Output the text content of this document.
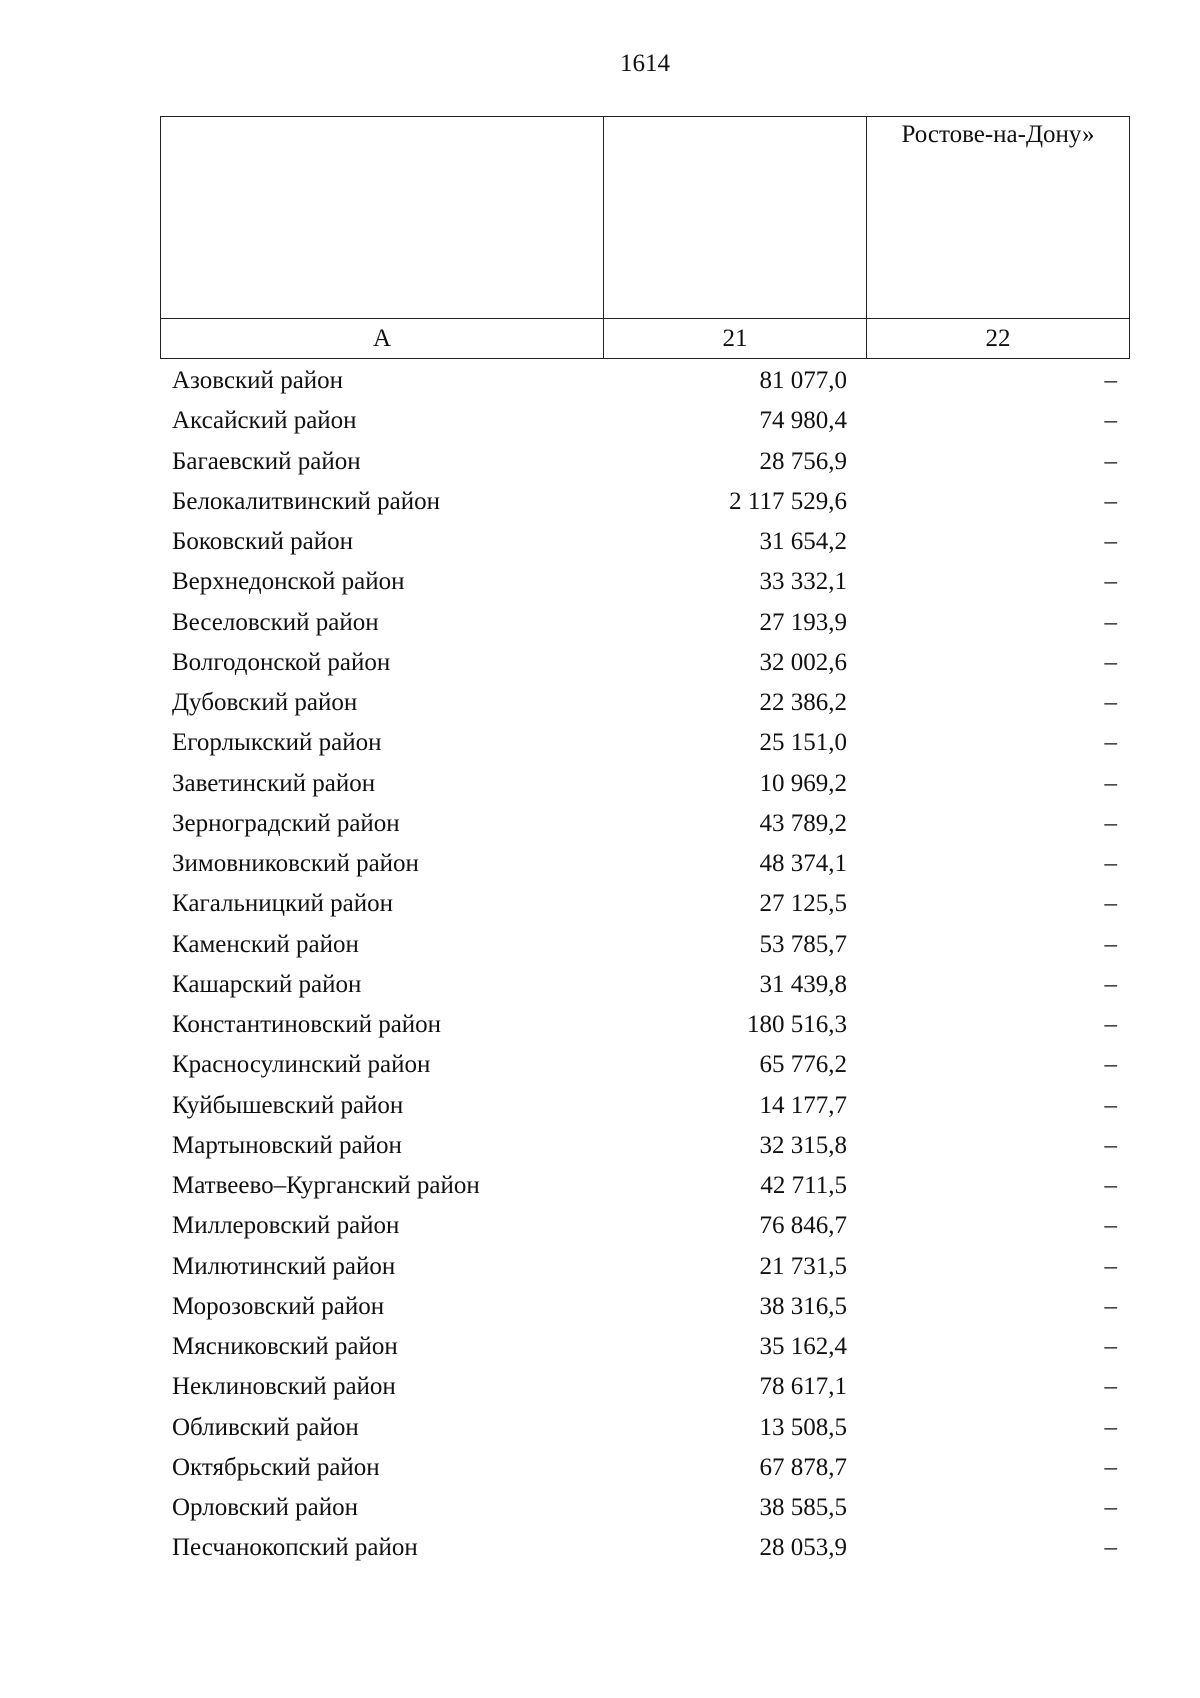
1614

		Ростове-на-Дону»

А	21	22
Азовский район	81 077,0	–
Аксайский район	74 980,4	–
Багаевский район	28 756,9	–
Белокалитвинский район	2 117 529,6	–
Боковский район	31 654,2	–
Верхнедонской район	33 332,1	–
Веселовский район	27 193,9	–
Волгодонской район	32 002,6	–
Дубовский район	22 386,2	–
Егорлыкский район	25 151,0	–
Заветинский район	10 969,2	–
Зерноградский район	43 789,2	–
Зимовниковский район	48 374,1	–
Кагальницкий район	27 125,5	–
Каменский район	53 785,7	–
Кашарский район	31 439,8	–
Константиновский район	180 516,3	–
Красносулинский район	65 776,2	–
Куйбышевский район	14 177,7	–
Мартыновский район	32 315,8	–
Матвеево–Курганский район	42 711,5	–
Миллеровский район	76 846,7	–
Милютинский район	21 731,5	–
Морозовский район	38 316,5	–
Мясниковский район	35 162,4	–
Неклиновский район	78 617,1	–
Обливский район	13 508,5	–
Октябрьский район	67 878,7	–
Орловский район	38 585,5	–
Песчанокопский район	28 053,9	–
